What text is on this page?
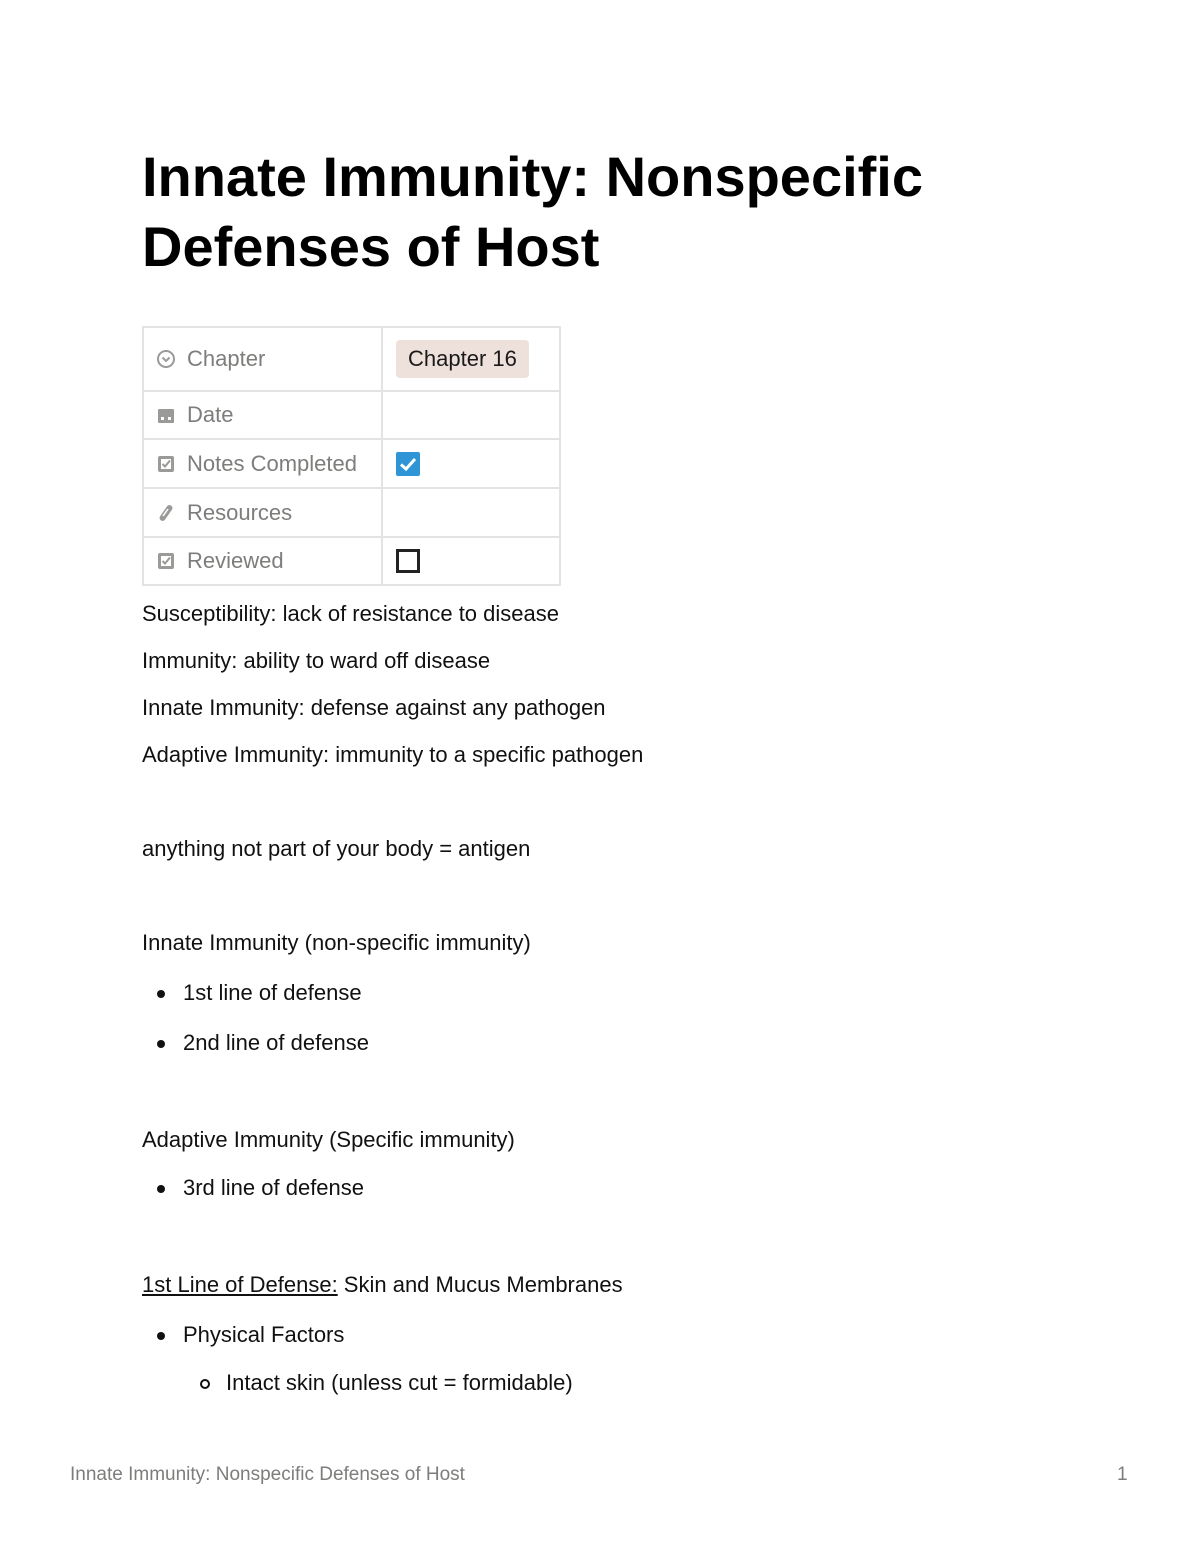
Innate Immunity: Nonspecific Defenses of Host
Chapter	Chapter 16

Date	

Notes Completed

Resources	

Reviewed	

Susceptibility: lack of resistance to disease

Immunity: ability to ward off disease

Innate Immunity: defense against any pathogen

Adaptive Immunity: immunity to a specific pathogen

anything not part of your body = antigen

Innate Immunity (non-specific immunity)

1st line of defense
2nd line of defense

Adaptive Immunity (Specific immunity)

3rd line of defense

1st Line of Defense: Skin and Mucus Membranes

Physical Factors
Intact skin (unless cut = formidable)
Innate Immunity: Nonspecific Defenses of Host	1
